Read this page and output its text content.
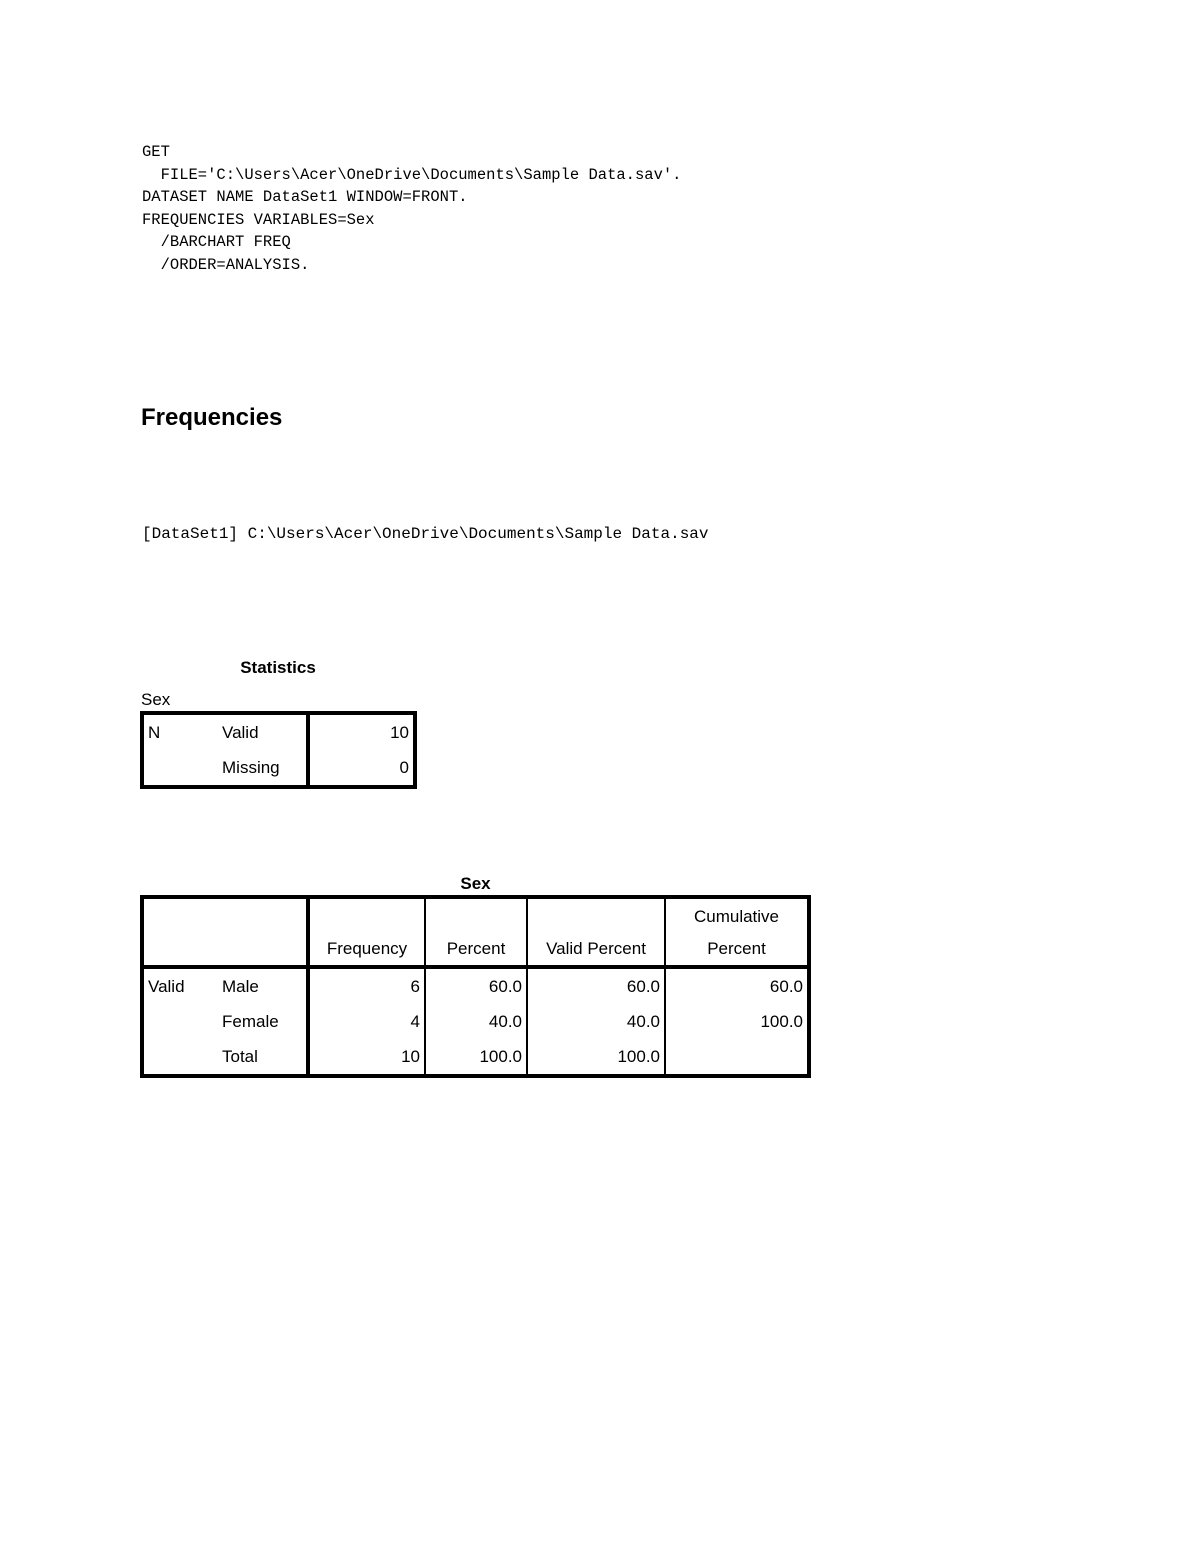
GET
FILE='C:\Users\Acer\OneDrive\Documents\Sample Data.sav'.
DATASET NAME DataSet1 WINDOW=FRONT.
FREQUENCIES VARIABLES=Sex
/BARCHART FREQ
/ORDER=ANALYSIS.
Frequencies

[DataSet1] C:\Users\Acer\OneDrive\Documents\Sample Data.sav

Statistics
Sex
N	Valid	10
	Missing	0
Sex
		Frequency	Percent	Valid Percent	Cumulative
Percent
Valid	Male	6	60.0	60.0	60.0
	Female	4	40.0	40.0	100.0
	Total	10	100.0	100.0	
